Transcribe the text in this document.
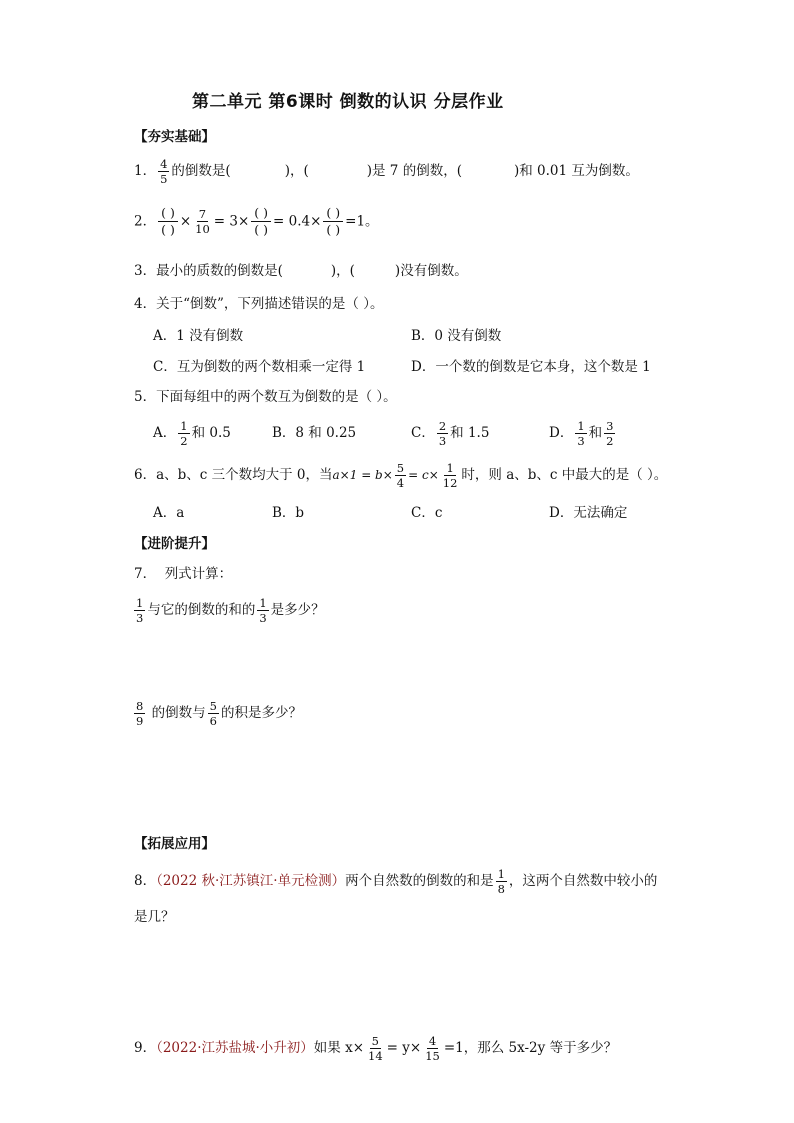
第二单元 第6课时 倒数的认识 分层作业
【夯实基础】
1． $\frac{4}{5}$ 的倒数是(	)，(	)是 7 的倒数，(	)和 0.01 互为倒数。
2．
( )
( )
× $\frac{7}{10} = 3\times$
( )
( )
= 0.4×
( )
( )
=1。
3．最小的质数的倒数是(	)，(	)没有倒数。
4．关于“倒数”，下列描述错误的是（ ）。
A．1 没有倒数	B．0 没有倒数
C．互为倒数的两个数相乘一定得 1	D．一个数的倒数是它本身，这个数是 1
5．下面每组中的两个数互为倒数的是（ ）。
A． $\frac{1}{2}$ 和 0.5	B．8 和 0.25	C． $\frac{2}{3}$ 和 1.5	D． $\frac{1}{3}$ 和 $\frac{3}{2}$
6．a、b、c 三个数均大于 0，当$a\times 1 = b\times \frac{5}{4} = c\times \frac{1}{12}$ 时，则 a、b、c 中最大的是（ ）。
A．a	B．b	C．c	D．无法确定
【进阶提升】
7． 列式计算：
$\frac{1}{3}$ 与它的倒数的和的 $\frac{1}{3}$ 是多少？
$\frac{8}{9}$ 的倒数与 $\frac{5}{6}$ 的积是多少？
【拓展应用】
8．（2022 秋·江苏镇江·单元检测）两个自然数的倒数的和是 $\frac{1}{8}$ ，这两个自然数中较小的
是几？
9．（2022·江苏盐城·小升初）如果 $x\times \frac{5}{14} = y\times \frac{4}{15} =1$，那么 5x-2y 等于多少？
